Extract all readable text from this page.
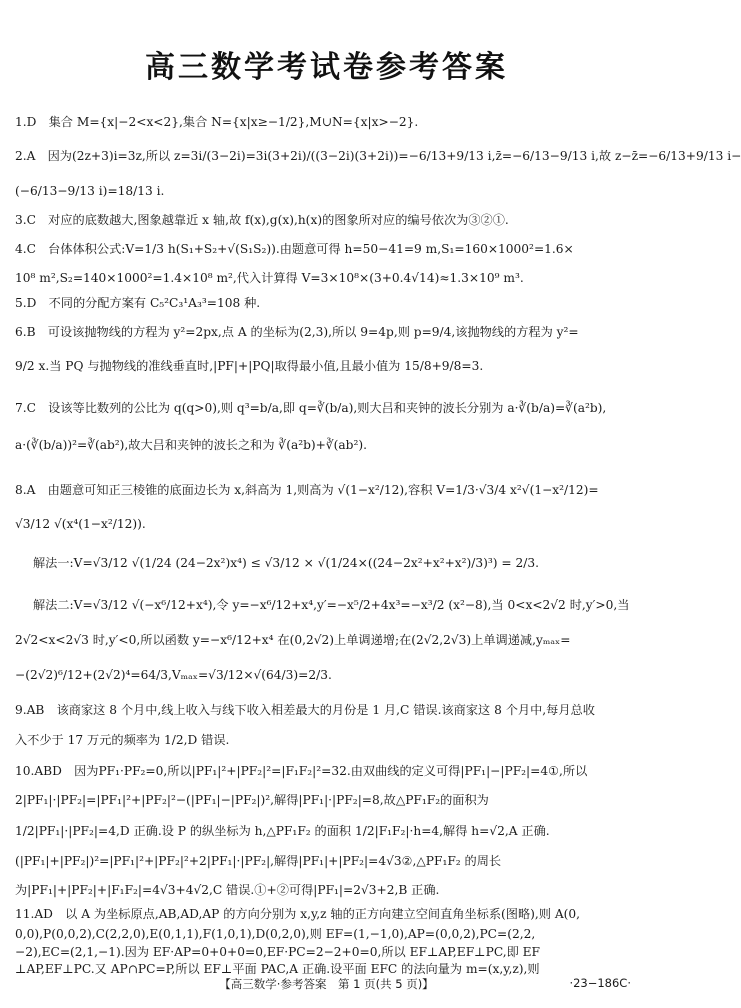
高三数学考试卷参考答案
1.D　集合 M={x|−2<x<2},集合 N={x|x≥−1/2},M∪N={x|x>−2}.
2.A　因为(2z+3)i=3z,所以 z=3i/(3−2i)=3i(3+2i)/((3−2i)(3+2i))=−6/13+9/13 i,z̄=−6/13−9/13 i,故 z−z̄=−6/13+9/13 i−
(−6/13−9/13 i)=18/13 i.
3.C　对应的底数越大,图象越靠近 x 轴,故 f(x),g(x),h(x)的图象所对应的编号依次为③②①.
4.C　台体体积公式:V=1/3 h(S₁+S₂+√(S₁S₂)).由题意可得 h=50−41=9 m,S₁=160×1000²=1.6×
10⁸ m²,S₂=140×1000²=1.4×10⁸ m²,代入计算得 V=3×10⁸×(3+0.4√14)≈1.3×10⁹ m³.
5.D　不同的分配方案有 C₅²C₃¹A₃³=108 种.
6.B　可设该抛物线的方程为 y²=2px,点 A 的坐标为(2,3),所以 9=4p,则 p=9/4,该抛物线的方程为 y²=
9/2 x.当 PQ 与抛物线的准线垂直时,|PF|+|PQ|取得最小值,且最小值为 15/8+9/8=3.
7.C　设该等比数列的公比为 q(q>0),则 q³=b/a,即 q=∛(b/a),则大吕和夹钟的波长分别为 a·∛(b/a)=∛(a²b),
a·(∛(b/a))²=∛(ab²),故大吕和夹钟的波长之和为 ∛(a²b)+∛(ab²).
8.A　由题意可知正三棱锥的底面边长为 x,斜高为 1,则高为 √(1−x²/12),容积 V=1/3·√3/4 x²√(1−x²/12)=
√3/12 √(x⁴(1−x²/12)).
解法一:V=√3/12 √(1/24 (24−2x²)x⁴) ≤ √3/12 × √(1/24×((24−2x²+x²+x²)/3)³) = 2/3.
解法二:V=√3/12 √(−x⁶/12+x⁴),令 y=−x⁶/12+x⁴,y′=−x⁵/2+4x³=−x³/2 (x²−8),当 0<x<2√2 时,y′>0,当
2√2<x<2√3 时,y′<0,所以函数 y=−x⁶/12+x⁴ 在(0,2√2)上单调递增;在(2√2,2√3)上单调递减,yₘₐₓ=
−(2√2)⁶/12+(2√2)⁴=64/3,Vₘₐₓ=√3/12×√(64/3)=2/3.
9.AB　该商家这 8 个月中,线上收入与线下收入相差最大的月份是 1 月,C 错误.该商家这 8 个月中,每月总收
入不少于 17 万元的频率为 1/2,D 错误.
10.ABD　因为PF₁·PF₂=0,所以|PF₁|²+|PF₂|²=|F₁F₂|²=32.由双曲线的定义可得|PF₁|−|PF₂|=4①,所以
2|PF₁|·|PF₂|=|PF₁|²+|PF₂|²−(|PF₁|−|PF₂|)²,解得|PF₁|·|PF₂|=8,故△PF₁F₂的面积为
1/2|PF₁|·|PF₂|=4,D 正确.设 P 的纵坐标为 h,△PF₁F₂ 的面积 1/2|F₁F₂|·h=4,解得 h=√2,A 正确.
(|PF₁|+|PF₂|)²=|PF₁|²+|PF₂|²+2|PF₁|·|PF₂|,解得|PF₁|+|PF₂|=4√3②,△PF₁F₂ 的周长
为|PF₁|+|PF₂|+|F₁F₂|=4√3+4√2,C 错误.①+②可得|PF₁|=2√3+2,B 正确.
11.AD　以 A 为坐标原点,AB,AD,AP 的方向分别为 x,y,z 轴的正方向建立空间直角坐标系(图略),则 A(0,
0,0),P(0,0,2),C(2,2,0),E(0,1,1),F(1,0,1),D(0,2,0),则 EF=(1,−1,0),AP=(0,0,2),PC=(2,2,
−2),EC=(2,1,−1).因为 EF·AP=0+0+0=0,EF·PC=2−2+0=0,所以 EF⊥AP,EF⊥PC,即 EF
⊥AP,EF⊥PC.又 AP∩PC=P,所以 EF⊥平面 PAC,A 正确.设平面 EFC 的法向量为 m=(x,y,z),则
【高三数学·参考答案　第 1 页(共 5 页)】	·23−186C·
